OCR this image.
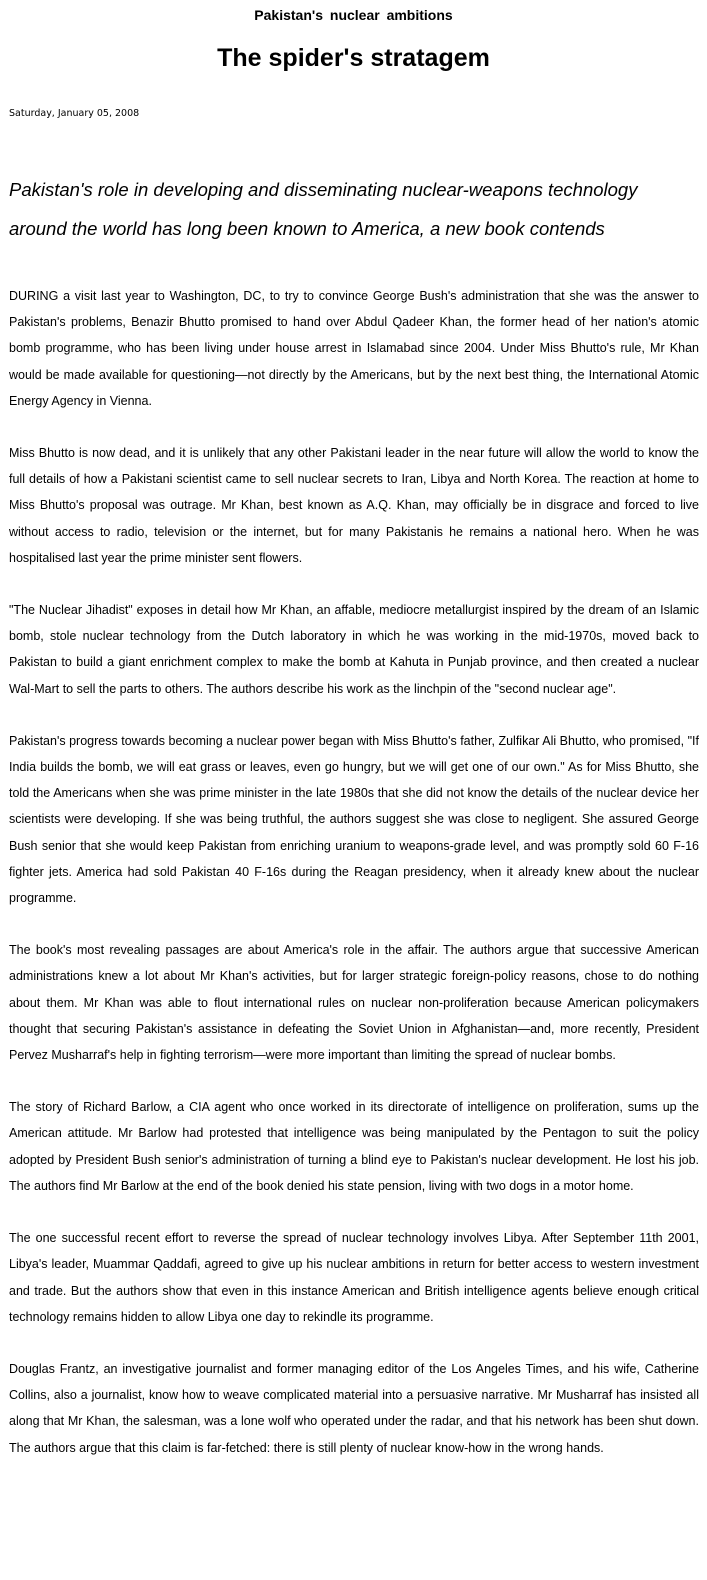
Pakistan's nuclear ambitions
The spider's stratagem
Saturday, January 05, 2008

Pakistan's role in developing and disseminating nuclear-weapons technology around the world has long been known to America, a new book contends

DURING a visit last year to Washington, DC, to try to convince George Bush's administration that she was the answer to Pakistan's problems, Benazir Bhutto promised to hand over Abdul Qadeer Khan, the former head of her nation's atomic bomb programme, who has been living under house arrest in Islamabad since 2004. Under Miss Bhutto's rule, Mr Khan would be made available for questioning—not directly by the Americans, but by the next best thing, the International Atomic Energy Agency in Vienna.

Miss Bhutto is now dead, and it is unlikely that any other Pakistani leader in the near future will allow the world to know the full details of how a Pakistani scientist came to sell nuclear secrets to Iran, Libya and North Korea. The reaction at home to Miss Bhutto's proposal was outrage. Mr Khan, best known as A.Q. Khan, may officially be in disgrace and forced to live without access to radio, television or the internet, but for many Pakistanis he remains a national hero. When he was hospitalised last year the prime minister sent flowers.

"The Nuclear Jihadist" exposes in detail how Mr Khan, an affable, mediocre metallurgist inspired by the dream of an Islamic bomb, stole nuclear technology from the Dutch laboratory in which he was working in the mid-1970s, moved back to Pakistan to build a giant enrichment complex to make the bomb at Kahuta in Punjab province, and then created a nuclear Wal-Mart to sell the parts to others. The authors describe his work as the linchpin of the "second nuclear age".

Pakistan's progress towards becoming a nuclear power began with Miss Bhutto's father, Zulfikar Ali Bhutto, who promised, "If India builds the bomb, we will eat grass or leaves, even go hungry, but we will get one of our own." As for Miss Bhutto, she told the Americans when she was prime minister in the late 1980s that she did not know the details of the nuclear device her scientists were developing. If she was being truthful, the authors suggest she was close to negligent. She assured George Bush senior that she would keep Pakistan from enriching uranium to weapons-grade level, and was promptly sold 60 F-16 fighter jets. America had sold Pakistan 40 F-16s during the Reagan presidency, when it already knew about the nuclear programme.

The book's most revealing passages are about America's role in the affair. The authors argue that successive American administrations knew a lot about Mr Khan's activities, but for larger strategic foreign-policy reasons, chose to do nothing about them. Mr Khan was able to flout international rules on nuclear non-proliferation because American policymakers thought that securing Pakistan's assistance in defeating the Soviet Union in Afghanistan—and, more recently, President Pervez Musharraf's help in fighting terrorism—were more important than limiting the spread of nuclear bombs.

The story of Richard Barlow, a CIA agent who once worked in its directorate of intelligence on proliferation, sums up the American attitude. Mr Barlow had protested that intelligence was being manipulated by the Pentagon to suit the policy adopted by President Bush senior's administration of turning a blind eye to Pakistan's nuclear development. He lost his job. The authors find Mr Barlow at the end of the book denied his state pension, living with two dogs in a motor home.

The one successful recent effort to reverse the spread of nuclear technology involves Libya. After September 11th 2001, Libya's leader, Muammar Qaddafi, agreed to give up his nuclear ambitions in return for better access to western investment and trade. But the authors show that even in this instance American and British intelligence agents believe enough critical technology remains hidden to allow Libya one day to rekindle its programme.

Douglas Frantz, an investigative journalist and former managing editor of the Los Angeles Times, and his wife, Catherine Collins, also a journalist, know how to weave complicated material into a persuasive narrative. Mr Musharraf has insisted all along that Mr Khan, the salesman, was a lone wolf who operated under the radar, and that his network has been shut down. The authors argue that this claim is far-fetched: there is still plenty of nuclear know-how in the wrong hands.
